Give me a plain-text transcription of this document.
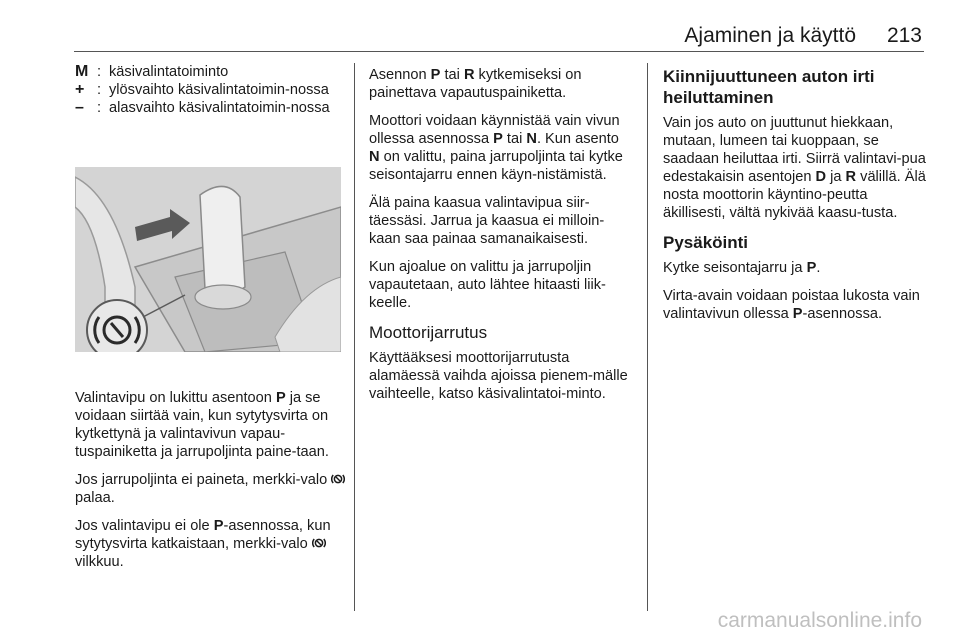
Ajaminen ja käyttö 213
M : käsivalintatoiminto
+ : ylösvaihto käsivalintatoimin-nossa
– : alasvaihto käsivalintatoimin-nossa

Valintavipu on lukittu asentoon P ja se voidaan siirtää vain, kun sytytysvirta on kytkettynä ja valintavivun vapau-tuspainiketta ja jarrupoljinta paine-taan.

Jos jarrupoljinta ei paineta, merkki-valo  palaa.

Jos valintavipu ei ole P-asennossa, kun sytytysvirta katkaistaan, merkki-valo  vilkkuu.

Asennon P tai R kytkemiseksi on painettava vapautuspainiketta.

Moottori voidaan käynnistää vain vivun ollessa asennossa P tai N. Kun asento N on valittu, paina jarrupoljinta tai kytke seisontajarru ennen käyn-nistämistä.

Älä paina kaasua valintavipua siir-täessäsi. Jarrua ja kaasua ei milloin-kaan saa painaa samanaikaisesti.

Kun ajoalue on valittu ja jarrupoljin vapautetaan, auto lähtee hitaasti liik-keelle.

Moottorijarrutus

Käyttääksesi moottorijarrutusta alamäessä vaihda ajoissa pienem-mälle vaihteelle, katso käsivalintatoi-minto.

Kiinnijuuttuneen auton irti heiluttaminen

Vain jos auto on juuttunut hiekkaan, mutaan, lumeen tai kuoppaan, se saadaan heiluttaa irti. Siirrä valintavi-pua edestakaisin asentojen D ja R välillä. Älä nosta moottorin käyntino-peutta äkillisesti, vältä nykivää kaasu-tusta.

Pysäköinti

Kytke seisontajarru ja P.

Virta-avain voidaan poistaa lukosta vain valintavivun ollessa P-asennossa.

carmanualsonline.info
